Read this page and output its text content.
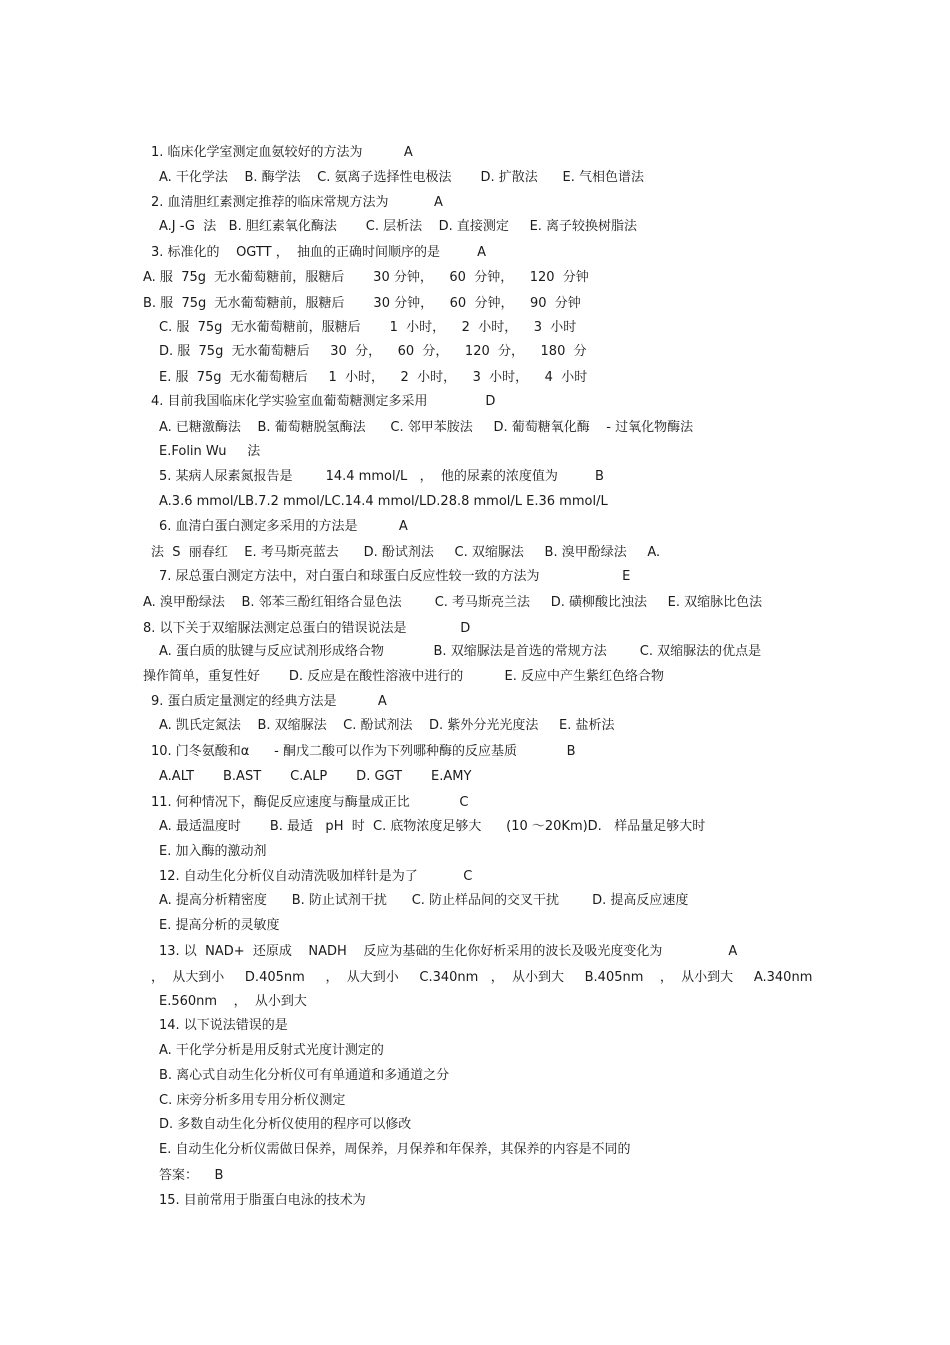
1. 临床化学室测定血氨较好的方法为          A
A. 干化学法    B. 酶学法    C. 氨离子选择性电极法       D. 扩散法      E. 气相色谱法
2. 血清胆红素测定推荐的临床常规方法为           A
A.J -G  法   B. 胆红素氧化酶法       C. 层析法    D. 直接测定     E. 离子较换树脂法
3. 标准化的    OGTT ，  抽血的正确时间顺序的是         A
A. 服  75g  无水葡萄糖前，服糖后       30 分钟，    60  分钟，    120  分钟
B. 服  75g  无水葡萄糖前，服糖后       30 分钟，    60  分钟，    90  分钟
C. 服  75g  无水葡萄糖前，服糖后       1  小时，    2  小时，    3  小时
D. 服  75g  无水葡萄糖后     30  分，    60  分，    120  分，    180  分
E. 服  75g  无水葡萄糖后     1  小时，    2  小时，    3  小时，    4  小时
4. 目前我国临床化学实验室血葡萄糖测定多采用              D
A. 已糖激酶法    B. 葡萄糖脱氢酶法      C. 邻甲苯胺法     D. 葡萄糖氧化酶    - 过氧化物酶法
E.Folin Wu     法
5. 某病人尿素氮报告是        14.4 mmol/L   ，  他的尿素的浓度值为         B
A.3.6 mmol/LB.7.2 mmol/LC.14.4 mmol/LD.28.8 mmol/L E.36 mmol/L
6. 血清白蛋白测定多采用的方法是          A
法  S  丽春红    E. 考马斯亮蓝去      D. 酚试剂法     C. 双缩脲法     B. 溴甲酚绿法     A.
7. 尿总蛋白测定方法中，对白蛋白和球蛋白反应性较一致的方法为                    E
A. 溴甲酚绿法    B. 邻苯三酚红钼络合显色法        C. 考马斯亮兰法     D. 磺柳酸比浊法     E. 双缩脉比色法
8. 以下关于双缩脲法测定总蛋白的错误说法是             D
A. 蛋白质的肽键与反应试剂形成络合物            B. 双缩脲法是首选的常规方法        C. 双缩脲法的优点是
操作简单，重复性好       D. 反应是在酸性溶液中进行的          E. 反应中产生紫红色络合物
9. 蛋白质定量测定的经典方法是          A
A. 凯氏定氮法    B. 双缩脲法    C. 酚试剂法    D. 紫外分光光度法     E. 盐析法
10. 门冬氨酸和α      - 酮戊二酸可以作为下列哪种酶的反应基质            B
A.ALT       B.AST       C.ALP       D. GGT       E.AMY
11. 何种情况下，酶促反应速度与酶量成正比            C
A. 最适温度时       B. 最适   pH  时  C. 底物浓度足够大      (10 ～20Km)D.   样品量足够大时
E. 加入酶的激动剂
12. 自动生化分析仪自动清洗吸加样针是为了           C
A. 提高分析精密度      B. 防止试剂干扰      C. 防止样品间的交叉干扰        D. 提高反应速度
E. 提高分析的灵敏度
13. 以  NAD+  还原成    NADH    反应为基础的生化你好析采用的波长及吸光度变化为                A
，  从大到小     D.405nm     ，  从大到小     C.340nm   ，  从小到大     B.405nm    ，  从小到大     A.340nm
E.560nm    ，  从小到大
14. 以下说法错误的是
A. 干化学分析是用反射式光度计测定的
B. 离心式自动生化分析仪可有单通道和多通道之分
C. 床旁分析多用专用分析仪测定
D. 多数自动生化分析仪使用的程序可以修改
E. 自动生化分析仪需做日保养，周保养，月保养和年保养，其保养的内容是不同的
答案：    B
15. 目前常用于脂蛋白电泳的技术为
